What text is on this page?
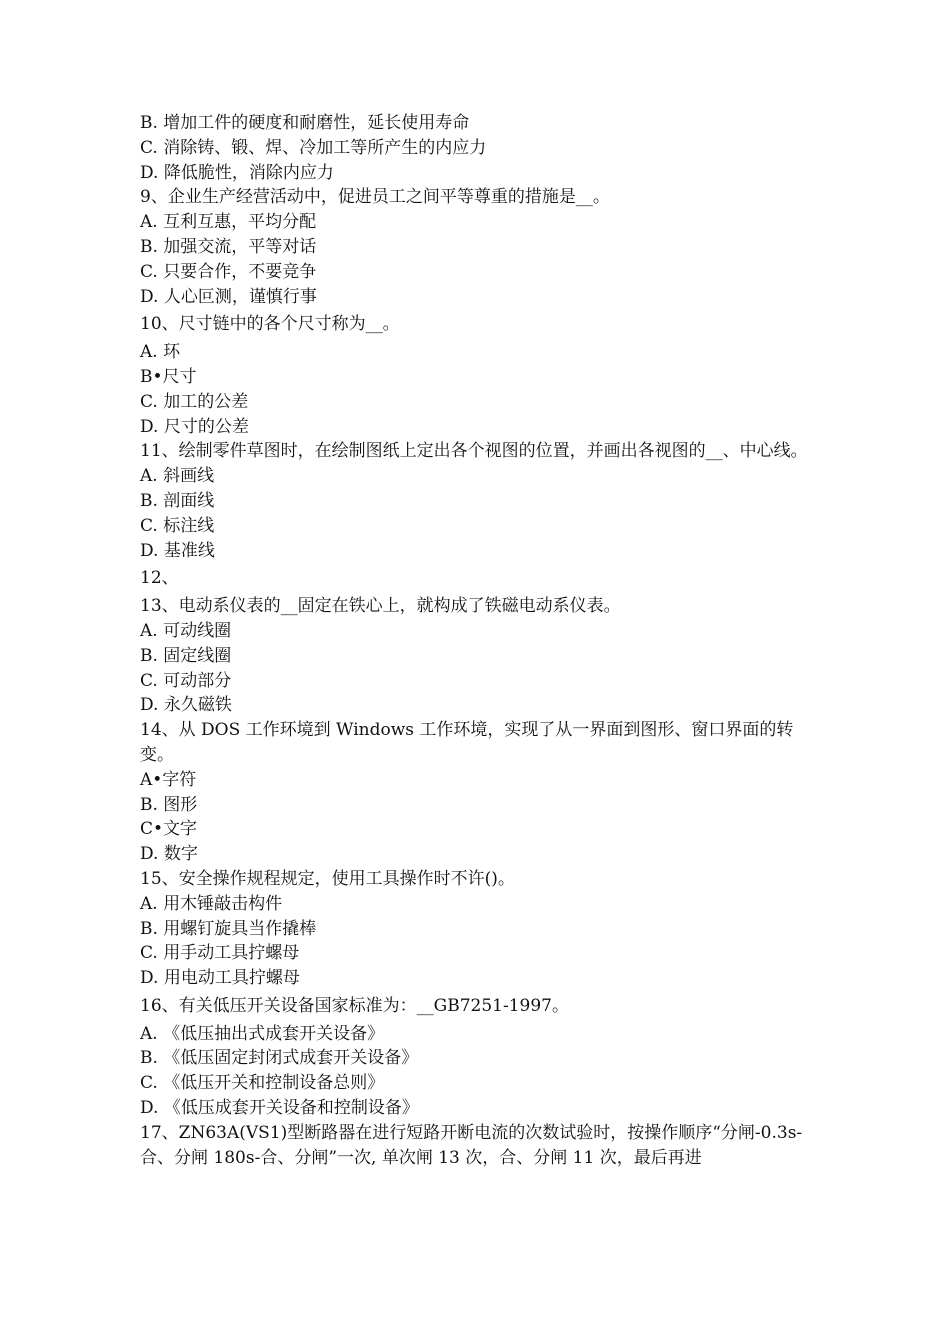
B. 增加工件的硬度和耐磨性，延长使用寿命
C. 消除铸、锻、焊、冷加工等所产生的内应力
D. 降低脆性，消除内应力
9、企业生产经营活动中，促进员工之间平等尊重的措施是__。
A. 互利互惠，平均分配
B. 加强交流，平等对话
C. 只要合作，不要竞争
D. 人心叵测，谨慎行事
10、尺寸链中的各个尺寸称为__。
A. 环
B•尺寸
C. 加工的公差
D. 尺寸的公差
11、绘制零件草图时，在绘制图纸上定出各个视图的位置，并画出各视图的__、中心线。
A. 斜画线
B. 剖面线
C. 标注线
D. 基准线
12、
13、电动系仪表的__固定在铁心上，就构成了铁磁电动系仪表。
A. 可动线圈
B. 固定线圈
C. 可动部分
D. 永久磁铁
14、从 DOS 工作环境到 Windows 工作环境，实现了从一界面到图形、窗口界面的转变。
A•字符
B. 图形
C•文字
D. 数字
15、安全操作规程规定，使用工具操作时不许()。
A. 用木锤敲击构件
B. 用螺钉旋具当作撬棒
C. 用手动工具拧螺母
D. 用电动工具拧螺母
16、有关低压开关设备国家标准为：__GB7251-1997。
A. 《低压抽出式成套开关设备》
B. 《低压固定封闭式成套开关设备》
C. 《低压开关和控制设备总则》
D. 《低压成套开关设备和控制设备》
17、ZN63A(VS1)型断路器在进行短路开断电流的次数试验时，按操作顺序“分闸-0.3s-合、分闸 180s-合、分闸”一次, 单次闸 13 次，合、分闸 11 次，最后再进
